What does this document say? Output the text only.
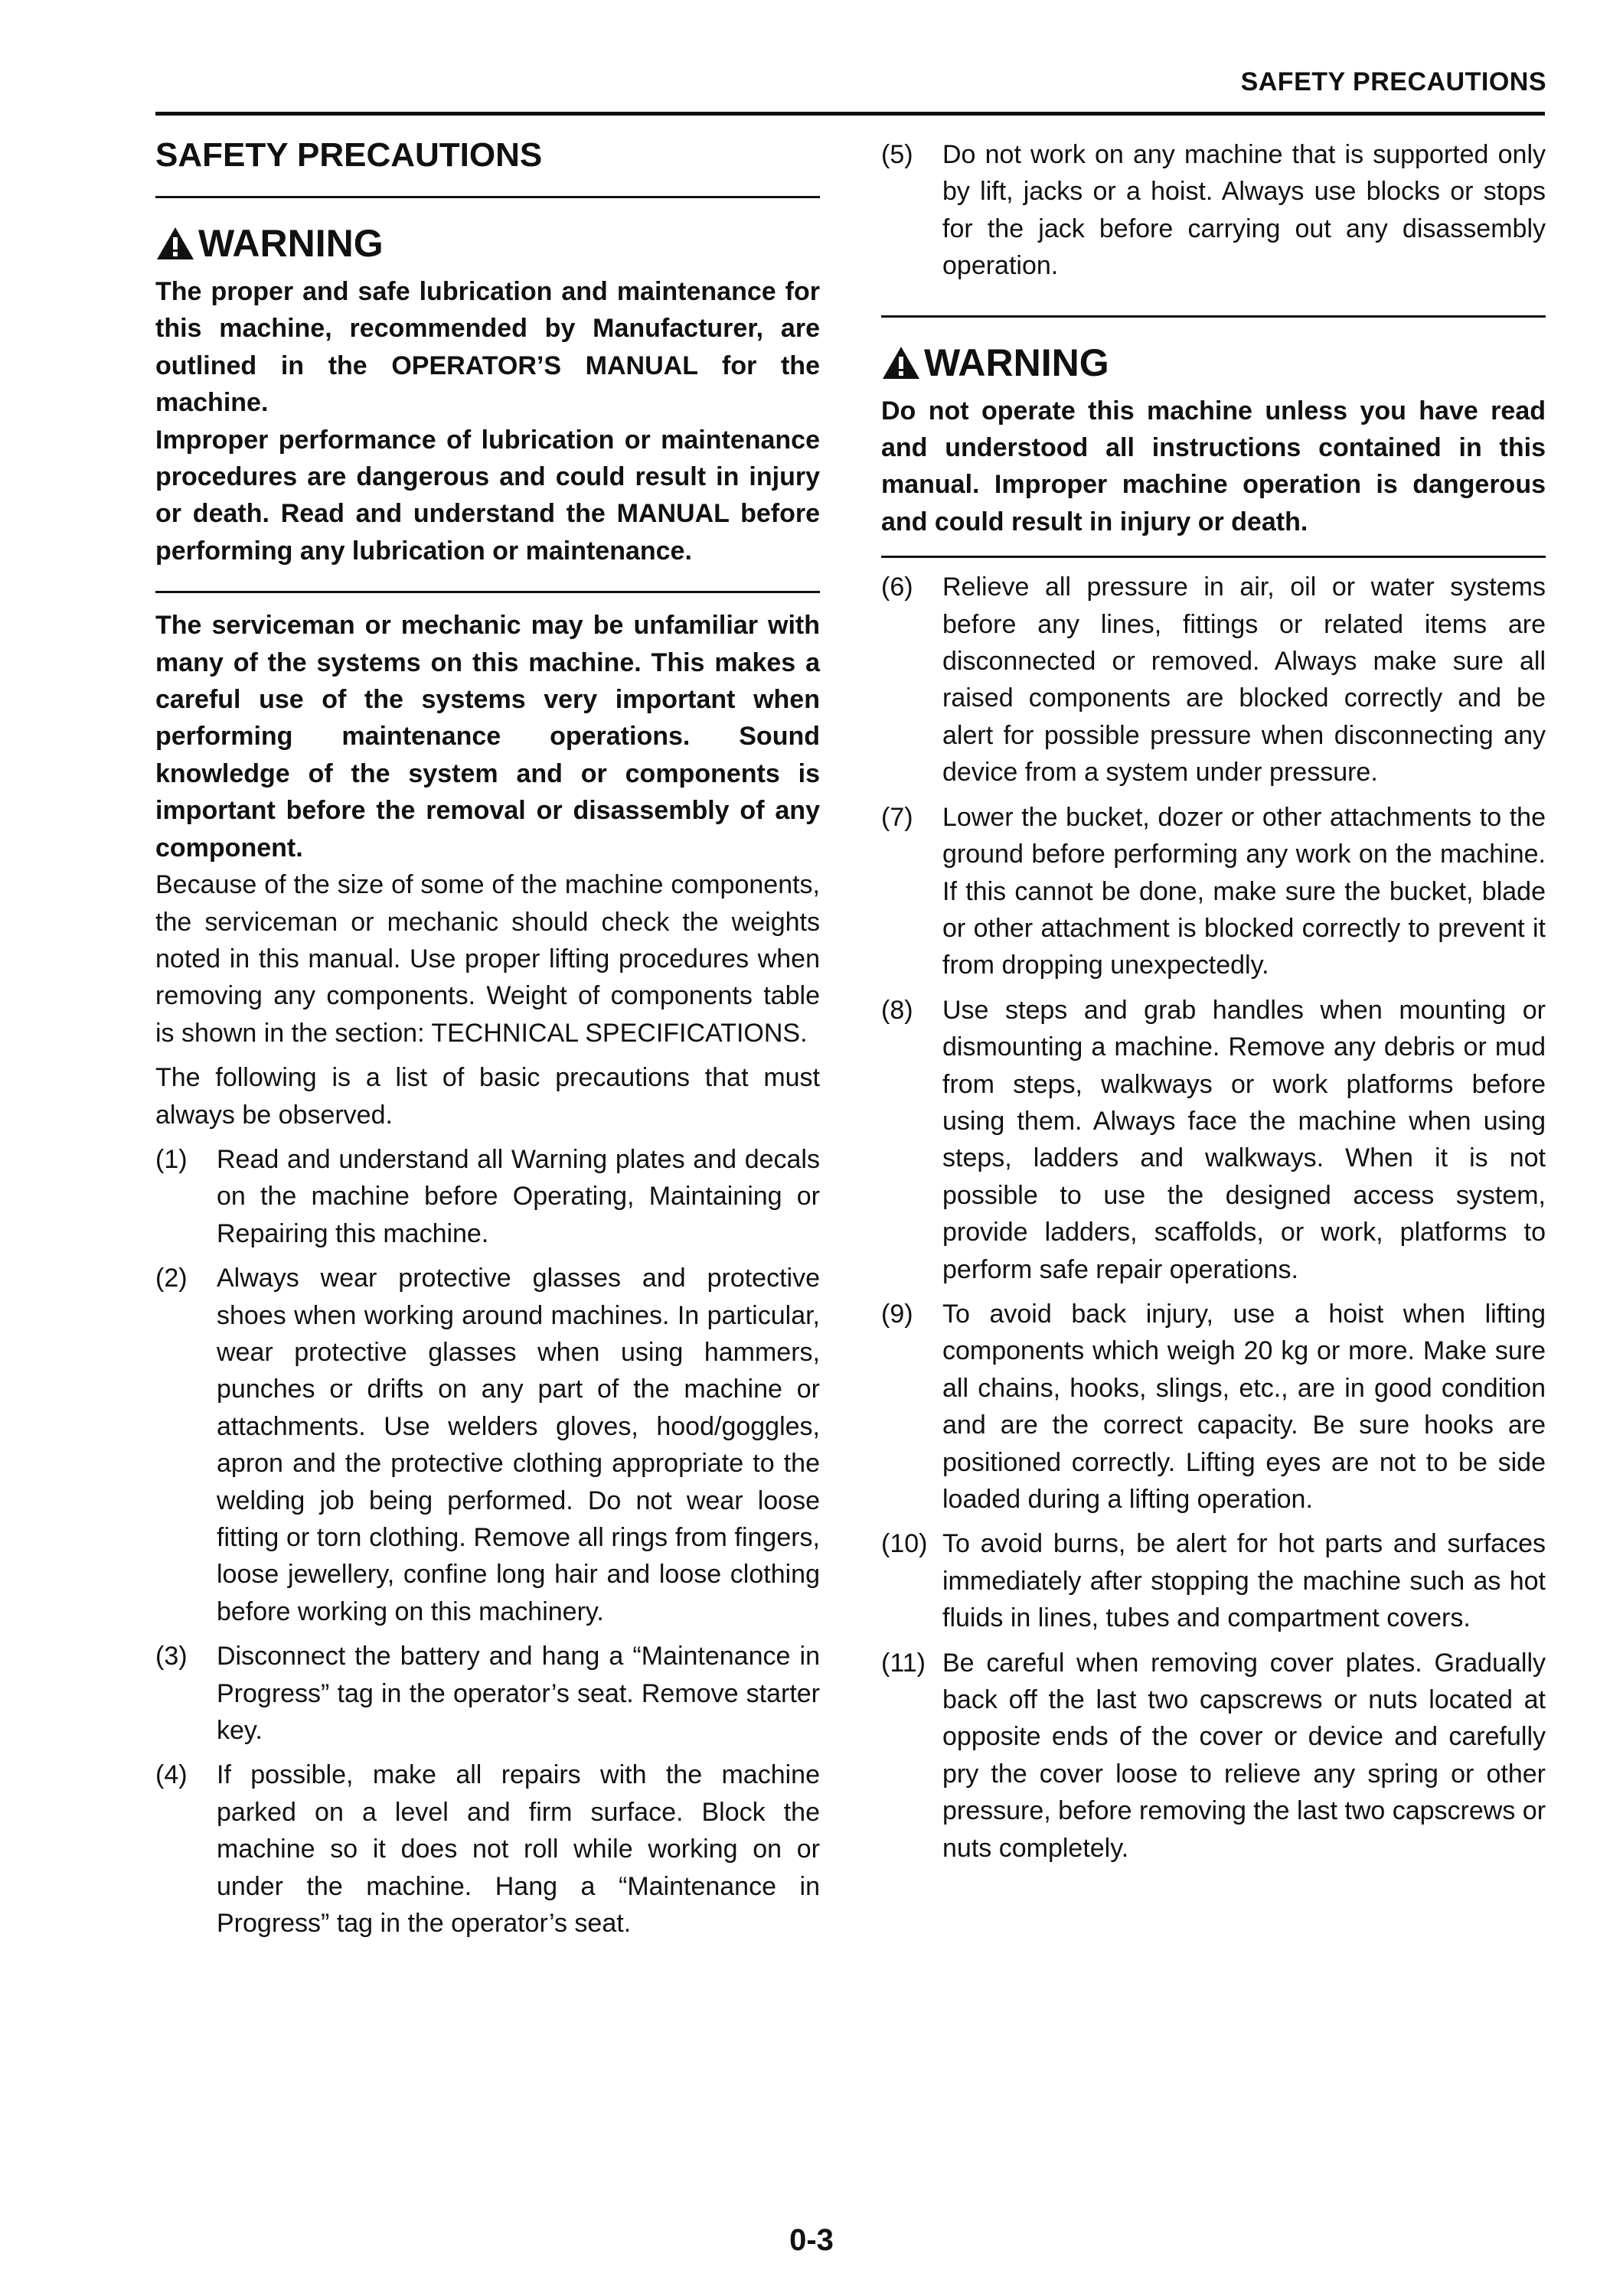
SAFETY PRECAUTIONS
SAFETY PRECAUTIONS
WARNING

The proper and safe lubrication and maintenance for this machine, recommended by Manufacturer, are outlined in the OPERATOR’S MANUAL for the machine.

Improper performance of lubrication or maintenance procedures are dangerous and could result in injury or death. Read and understand the MANUAL before performing any lubrication or maintenance.

The serviceman or mechanic may be unfamiliar with many of the systems on this machine. This makes a careful use of the systems very important when performing maintenance operations. Sound knowledge of the system and or components is important before the removal or disassembly of any component.

Because of the size of some of the machine components, the serviceman or mechanic should check the weights noted in this manual. Use proper lifting procedures when removing any components. Weight of components table is shown in the section: TECHNICAL SPECIFICATIONS.

The following is a list of basic precautions that must always be observed.

(1) Read and understand all Warning plates and decals on the machine before Operating, Maintaining or Repairing this machine.
(2) Always wear protective glasses and protective shoes when working around machines. In particular, wear protective glasses when using hammers, punches or drifts on any part of the machine or attachments. Use welders gloves, hood/goggles, apron and the protective clothing appropriate to the welding job being performed. Do not wear loose fitting or torn clothing. Remove all rings from fingers, loose jewellery, confine long hair and loose clothing before working on this machinery.
(3) Disconnect the battery and hang a “Maintenance in Progress” tag in the operator’s seat. Remove starter key.
(4) If possible, make all repairs with the machine parked on a level and firm surface. Block the machine so it does not roll while working on or under the machine. Hang a “Maintenance in Progress” tag in the operator’s seat.
(5) Do not work on any machine that is supported only by lift, jacks or a hoist. Always use blocks or stops for the jack before carrying out any disassembly operation.
WARNING

Do not operate this machine unless you have read and understood all instructions contained in this manual. Improper machine operation is dangerous and could result in injury or death.

(6) Relieve all pressure in air, oil or water systems before any lines, fittings or related items are disconnected or removed. Always make sure all raised components are blocked correctly and be alert for possible pressure when disconnecting any device from a system under pressure.
(7) Lower the bucket, dozer or other attachments to the ground before performing any work on the machine. If this cannot be done, make sure the bucket, blade or other attachment is blocked correctly to prevent it from dropping unexpectedly.
(8) Use steps and grab handles when mounting or dismounting a machine. Remove any debris or mud from steps, walkways or work platforms before using them. Always face the machine when using steps, ladders and walkways. When it is not possible to use the designed access system, provide ladders, scaffolds, or work, platforms to perform safe repair operations.
(9) To avoid back injury, use a hoist when lifting components which weigh 20 kg or more. Make sure all chains, hooks, slings, etc., are in good condition and are the correct capacity. Be sure hooks are positioned correctly. Lifting eyes are not to be side loaded during a lifting operation.
(10) To avoid burns, be alert for hot parts and surfaces immediately after stopping the machine such as hot fluids in lines, tubes and compartment covers.
(11) Be careful when removing cover plates. Gradually back off the last two capscrews or nuts located at opposite ends of the cover or device and carefully pry the cover loose to relieve any spring or other pressure, before removing the last two capscrews or nuts completely.
0-3
